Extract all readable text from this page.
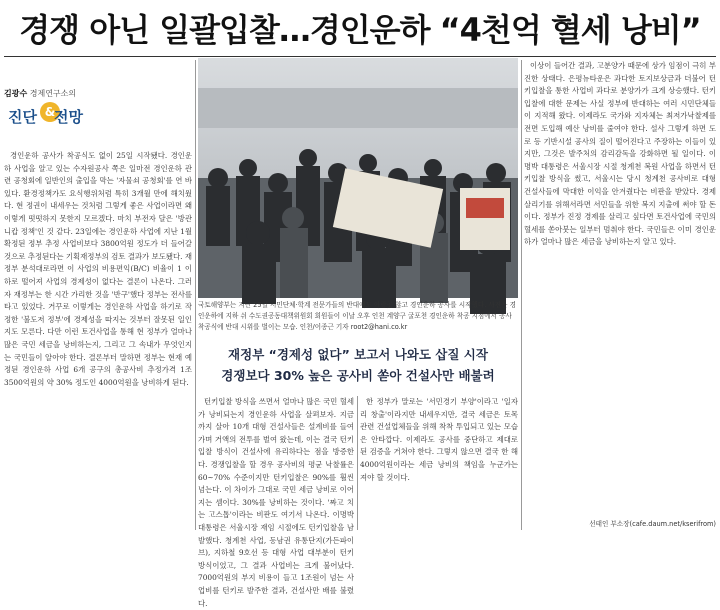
경쟁 아닌 일괄입찰…경인운하 “4천억 혈세 낭비”
김광수 경제연구소의
진단 &
전망

경인운하 공사가 착공식도 없이 25일 시작됐다. 경인운하 사업을 알고 있는 수자원공사 쪽은 일마전 경인운하 관련 공청회에 일반인의 출입을 막는 '자물쇠 공청회'를 연 바 있다. 환경정책가도 요식행위처럼 특히 3개월 만에 해치웠다. 현 정권이 내세우는 것처럼 그렇게 좋은 사업이라면 왜 이렇게 떳떳하지 못한지 모르겠다. 마치 부전자 달은 '방관니캅 정책'인 것 같다. 23일에는 경인운하 사업에 지난 1월 확정된 정부 추정 사업비보다 3800억원 정도가 더 들어갈 것으로 추정된다는 기획재정부의 검토 결과가 보도됐다. 재정부 분석대로라면 이 사업의 비용편익(B/C) 비율이 1 이하로 떨어져 사업의 경제성이 없다는 결론이 나온다. 그러자 재정부는 한 시간 가리한 것을 '반구'했다 정부는 전사를 타고 있었다. 거꾸로 이렇게는 경인운하 사업을 하기로 작정한 '불도저 정부'에 경제성을 따지는 것부터 잘못된 일인지도 모른다. 다만 이런 토건사업을 통해 현 정부가 얼마나 많은 국민 세금을 낭비하는지, 그리고 그 속내가 무엇인지는 국민들이 알아야 한다. 결론부터 말하면 정부는 현재 예정된 경인운하 사업 6개 공구의 총공사비 추정가격 1조3500억원의 약 30% 정도인 4000억원을 낭비하게 된다.

국토해양부는 지난 25일 시민단체·학계 전문가들의 반대에도 아랑곳 않고 경인운하 공사를 시작했다. 사진은 경인운하에 지하 쉬 수도권공동대책위원회 회원들이 이날 오후 인천 계양구 굴포천 경인운하 착공 지점에서 공사 착공식에 반대 시위를 벌이는 모습. 인천/이종근 기자 root2@hani.co.kr
재정부 “경제성 없다” 보고서 나와도 삽질 시작
경쟁보다 30% 높은 공사비 쏟아 건설사만 배불려

턴키입찰 방식을 쓰면서 얼마나 많은 국민 혈세가 낭비되는지 경인운하 사업을 살펴보자. 지금까지 살아 10개 대형 건설사들은 설계비를 들여가며 거액의 전투를 벌여 왔는데, 이는 결국 턴키입찰 방식이 건설사에 유리하다는 점을 방증한다. 경쟁입찰을 할 경우 공사비의 평균 낙찰률은 60~70% 수준이지만 턴키입찰은 90%를 훨씬 넘는다. 이 차이가 그대로 국민 세금 낭비로 이어지는 셈이다. 30%를 낭비하는 것이다. '짜고 치는 고스톱'이라는 비판도 여기서 나온다. 이명박 대통령은 서울시장 재임 시절에도 턴키입찰을 남발했다. 청계천 사업, 동남권 유통단지(가든파이브), 지하철 9호선 등 대형 사업 대부분이 턴키 방식이었고, 그 결과 사업비는 크게 불어났다. 7000억원의 부지 비용이 들고 1조원이 넘는 사업비를 턴키로 발주한 결과, 건설사만 배를 불렸다.

한 정부가 말로는 '서민경기 부양'이라고 '일자리 창출'이라지만 내세우지만, 결국 세금은 토목 관련 건설업체들을 위해 착착 투입되고 있는 모습은 안타깝다. 이제라도 공사를 중단하고 제대로 된 검증을 거쳐야 한다. 그렇지 않으면 결국 한 해 4000억원이라는 세금 낭비의 책임을 누군가는 져야 할 것이다.

이상이 들어간 결과, 고분양가 때문에 상가 임점이 극히 부진한 상태다. 은평뉴타운은 과다한 토지보상금과 더불어 턴키입찰을 통한 사업비 과다로 분양가가 크게 상승했다. 턴키입찰에 대한 문제는 사실 정부에 반대하는 여러 시민단체들이 지적해 왔다. 이제라도 국가와 지자체는 최저가낙찰제를 전면 도입해 예산 낭비를 줄여야 한다. 설사 그렇게 하면 도로 등 기반시설 공사의 질이 떨어진다고 주장하는 이들이 있지만, 그것은 발주처의 감리감독을 강화하면 될 일이다. 이명박 대통령은 서울시장 시절 청계천 복원 사업을 하면서 턴키입찰 방식을 썼고, 서울시는 당시 청계천 공사비로 대형 건설사들에 막대한 이익을 안겨줬다는 비판을 받았다. 경제 살리기를 위해서라면 서민들을 위한 복지 지출에 써야 할 돈이다. 정부가 진정 경제를 살리고 싶다면 토건사업에 국민의 혈세를 쏟아붓는 일부터 멈춰야 한다. 국민들은 이미 경인운하가 얼마나 많은 세금을 낭비하는지 알고 있다.

선태인 부소장(cafe.daum.net/kserifrom)
